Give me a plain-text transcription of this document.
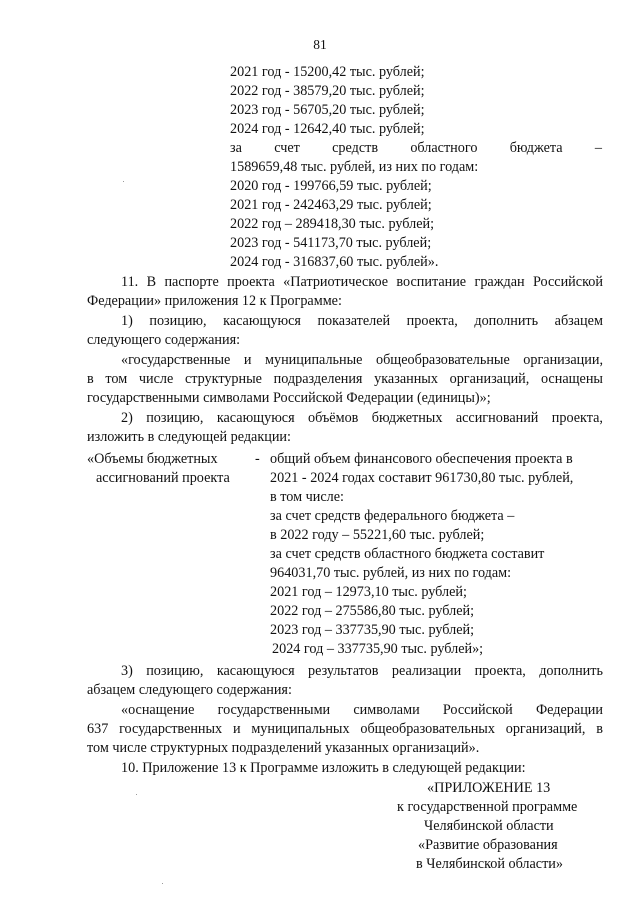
81
2021 год - 15200,42 тыс. рублей;
2022 год - 38579,20 тыс. рублей;
2023 год - 56705,20 тыс. рублей;
2024 год - 12642,40 тыс. рублей;
за счет средств областного бюджета –
1589659,48 тыс. рублей, из них по годам:
2020 год - 199766,59 тыс. рублей;
2021 год - 242463,29 тыс. рублей;
2022 год – 289418,30 тыс. рублей;
2023 год - 541173,70 тыс. рублей;
2024 год - 316837,60 тыс. рублей».
11. В паспорте проекта «Патриотическое воспитание граждан Российской
Федерации» приложения 12 к Программе:
1) позицию, касающуюся показателей проекта, дополнить абзацем
следующего содержания:
«государственные и муниципальные общеобразовательные организации,
в том числе структурные подразделения указанных организаций, оснащены
государственными символами Российской Федерации (единицы)»;
2) позицию, касающуюся объёмов бюджетных ассигнований проекта,
изложить в следующей редакции:
«Объемы бюджетных
ассигнований проекта
- общий объем финансового обеспечения проекта в
2021 - 2024 годах составит 961730,80 тыс. рублей,
в том числе:
за счет средств федерального бюджета –
в 2022 году – 55221,60 тыс. рублей;
за счет средств областного бюджета составит
964031,70 тыс. рублей, из них по годам:
2021 год – 12973,10 тыс. рублей;
2022 год – 275586,80 тыс. рублей;
2023 год – 337735,90 тыс. рублей;
2024 год – 337735,90 тыс. рублей»;
3) позицию, касающуюся результатов реализации проекта, дополнить
абзацем следующего содержания:
«оснащение государственными символами Российской Федерации
637 государственных и муниципальных общеобразовательных организаций, в
том числе структурных подразделений указанных организаций».
10. Приложение 13 к Программе изложить в следующей редакции:
«ПРИЛОЖЕНИЕ 13
к государственной программе
Челябинской области
«Развитие образования
в Челябинской области»
